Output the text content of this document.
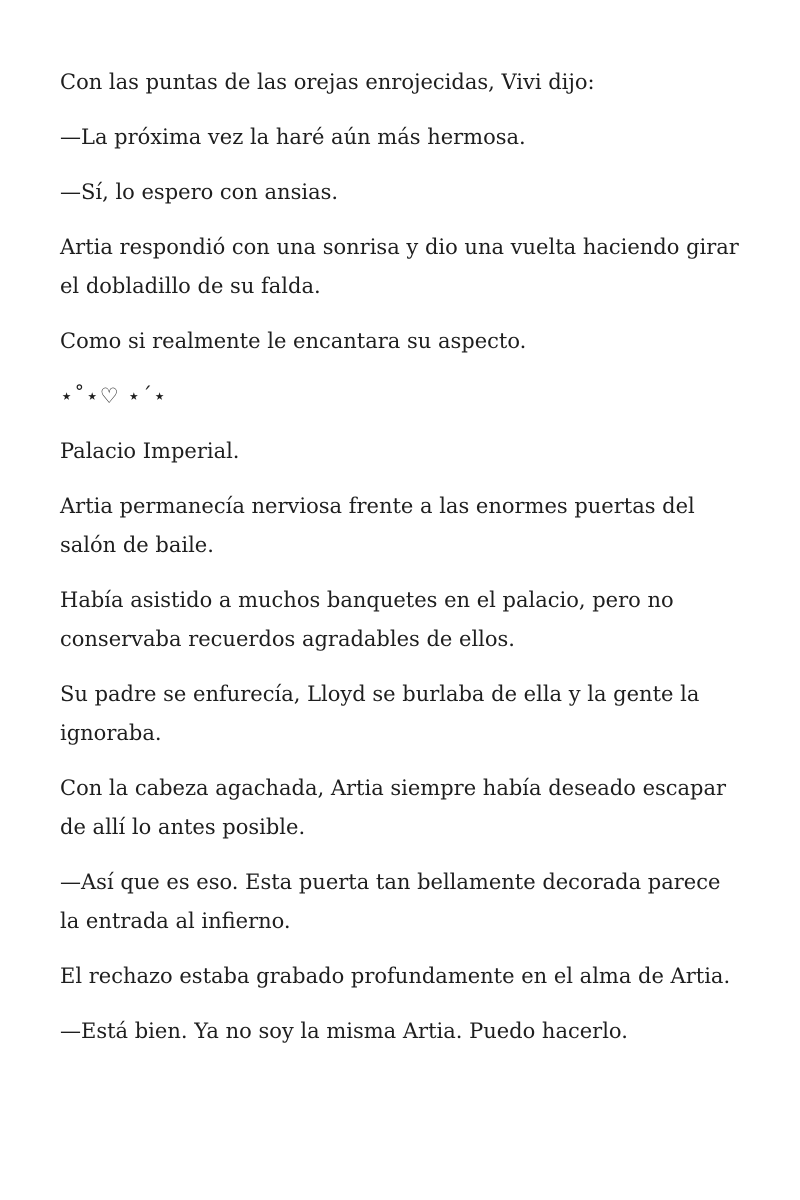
Con las puntas de las orejas enrojecidas, Vivi dijo:

—La próxima vez la haré aún más hermosa.

—Sí, lo espero con ansias.

Artia respondió con una sonrisa y dio una vuelta haciendo girar el dobladillo de su falda.

Como si realmente le encantara su aspecto.

⋆˚⋆♡ ⋆´⋆

Palacio Imperial.

Artia permanecía nerviosa frente a las enormes puertas del salón de baile.

Había asistido a muchos banquetes en el palacio, pero no conservaba recuerdos agradables de ellos.

Su padre se enfurecía, Lloyd se burlaba de ella y la gente la ignoraba.

Con la cabeza agachada, Artia siempre había deseado escapar de allí lo antes posible.

—Así que es eso. Esta puerta tan bellamente decorada parece la entrada al infierno.

El rechazo estaba grabado profundamente en el alma de Artia.

—Está bien. Ya no soy la misma Artia. Puedo hacerlo.
